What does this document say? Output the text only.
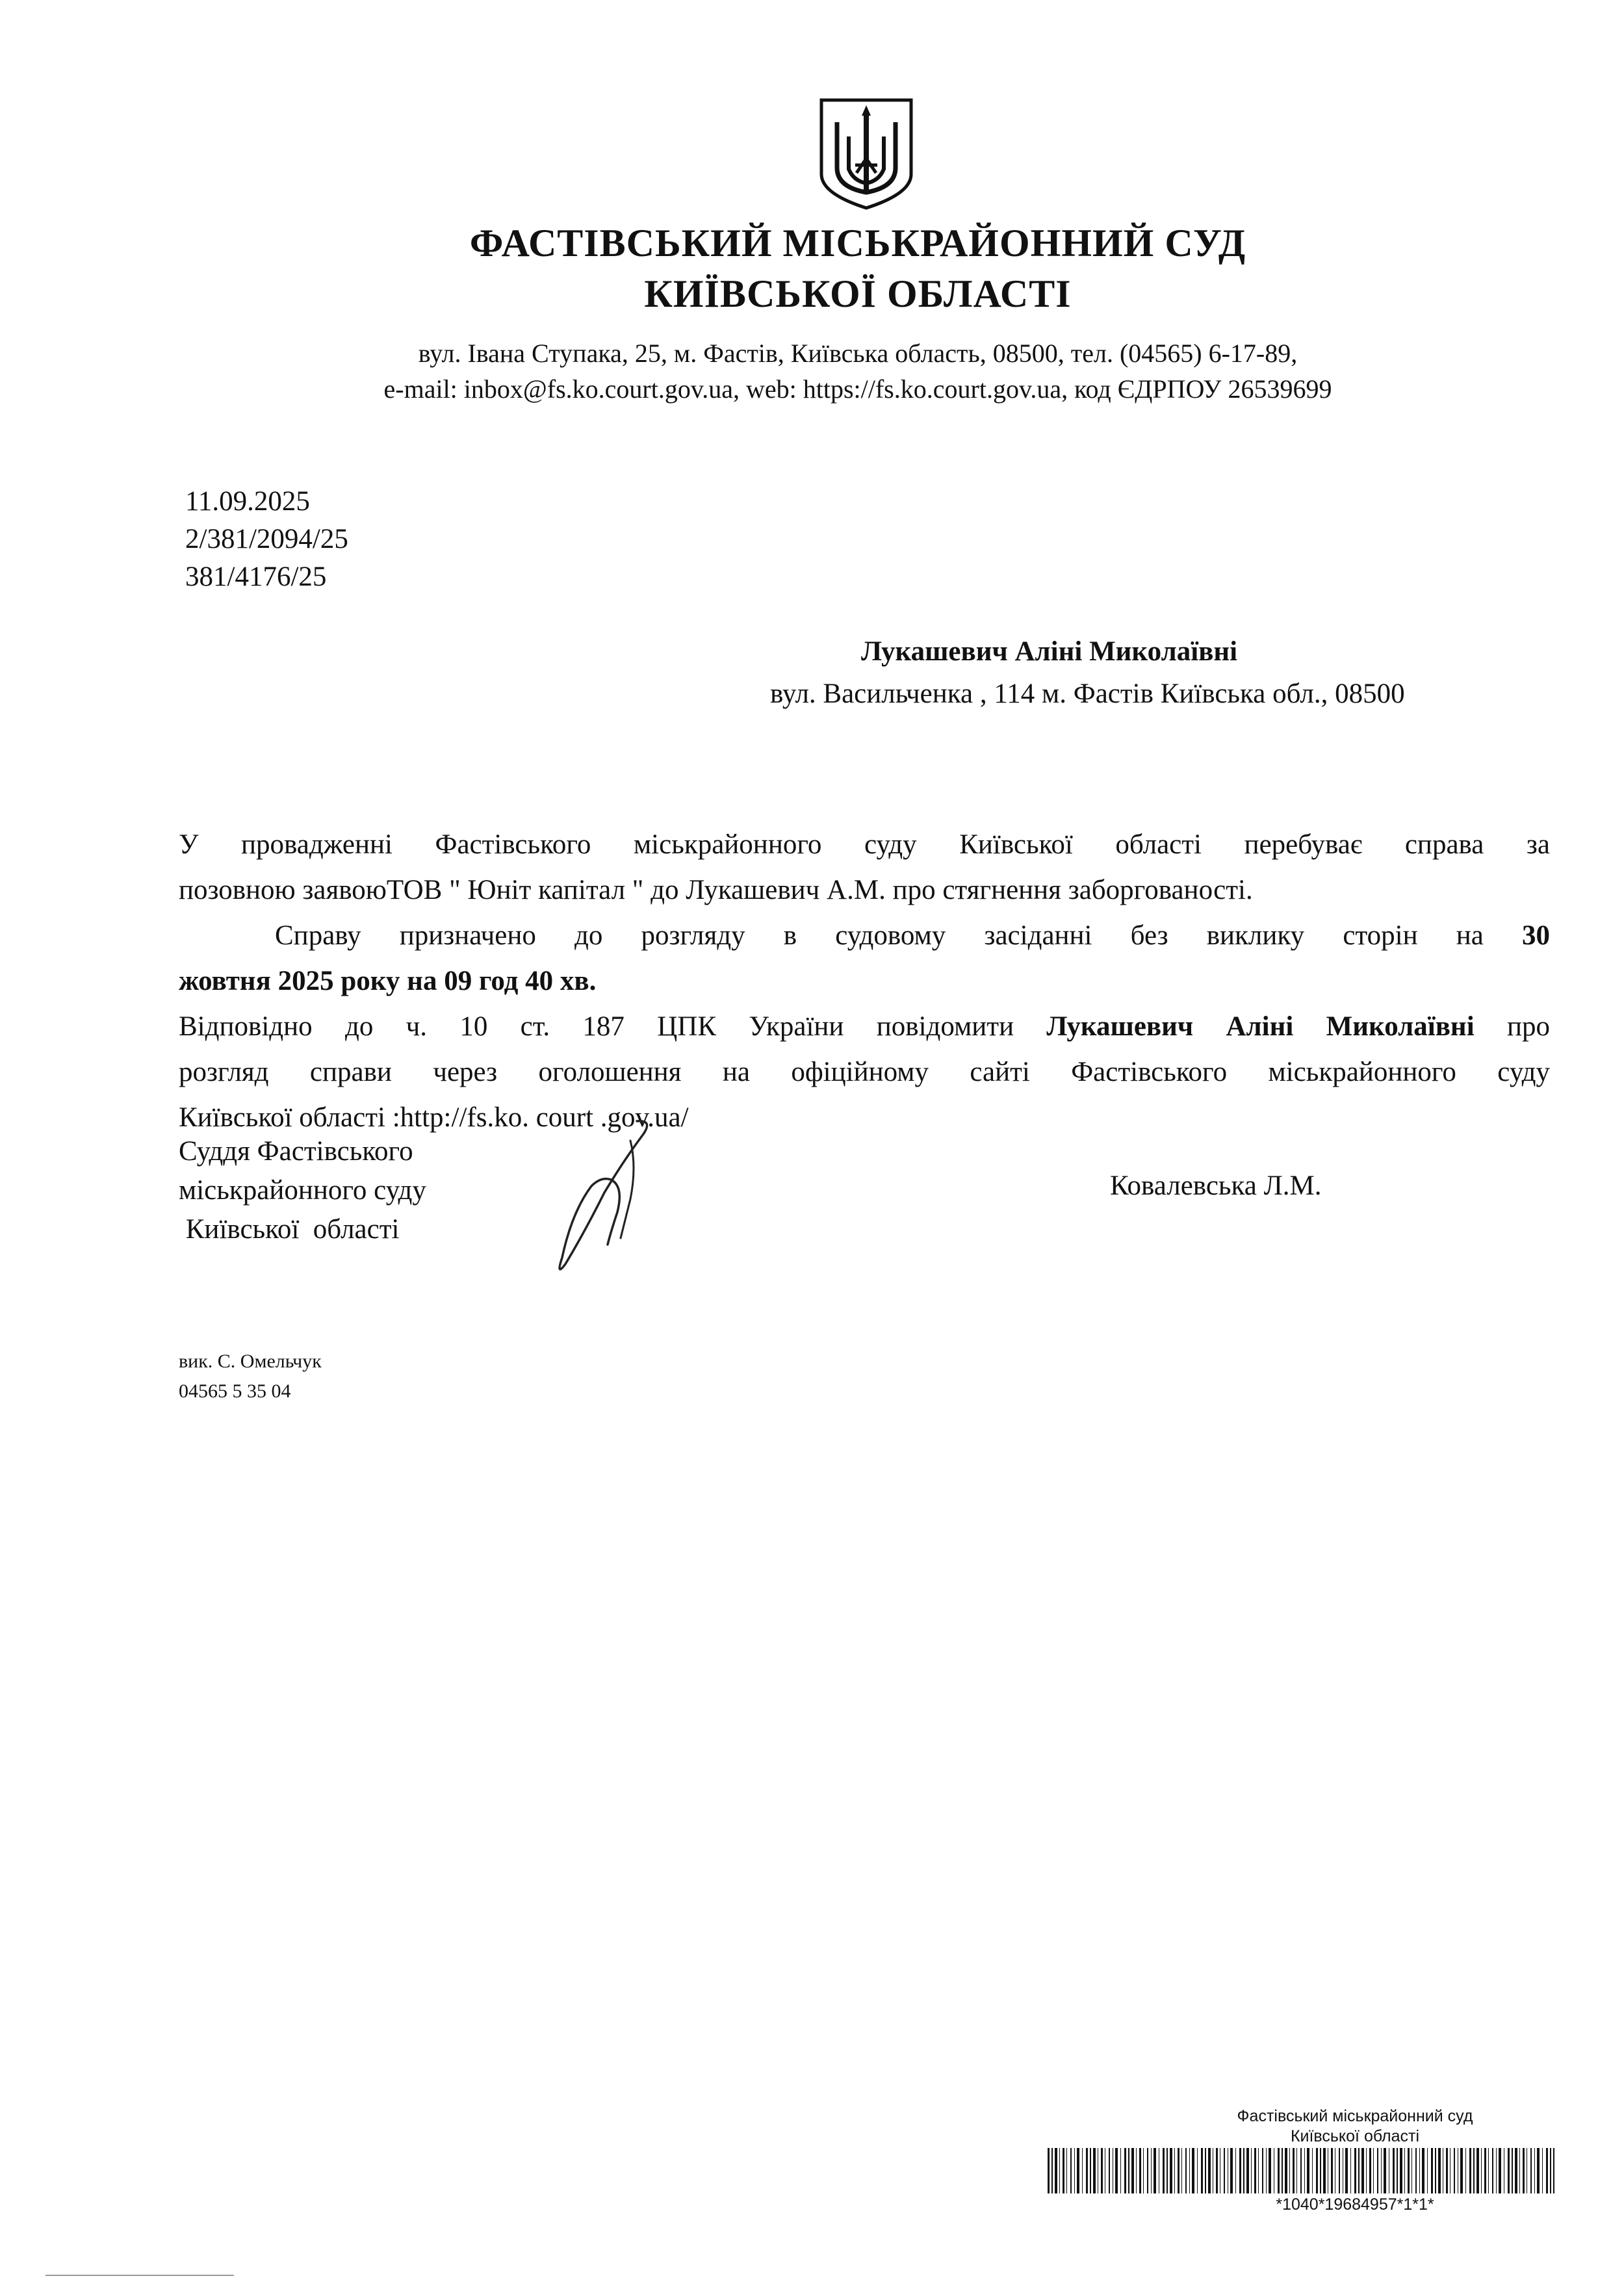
ФАСТІВСЬКИЙ МІСЬКРАЙОННИЙ СУД
КИЇВСЬКОЇ ОБЛАСТІ

вул. Івана Ступака, 25, м. Фастів, Київська область, 08500, тел. (04565) 6-17-89,

e-mail: inbox@fs.ko.court.gov.ua, web: https://fs.ko.court.gov.ua, код ЄДРПОУ 26539699

11.09.2025
2/381/2094/25
381/4176/25
Лукашевич Аліні Миколаївні
вул. Васильченка , 114 м. Фастів Київська обл., 08500
У провадженні Фастівського міськрайонного суду Київської області перебуває справа за
позовною заявоюТОВ " Юніт капітал " до Лукашевич А.М. про стягнення заборгованості.
Справу призначено до розгляду в судовому засіданні без виклику сторін на 30
жовтня 2025 року на 09 год 40 хв.
Відповідно до ч. 10 ст. 187 ЦПК України повідомити Лукашевич Аліні Миколаївні про
розгляд справи через оголошення на офіційному сайті Фастівського міськрайонного суду
Київської області :http://fs.ko. court .gov.ua/
Суддя Фастівського
міськрайонного суду
Київської  області
Ковалевська Л.М.
вик. С. Омельчук
04565 5 35 04
Фастівський міськрайонний суд
Київської області
*1040*19684957*1*1*
